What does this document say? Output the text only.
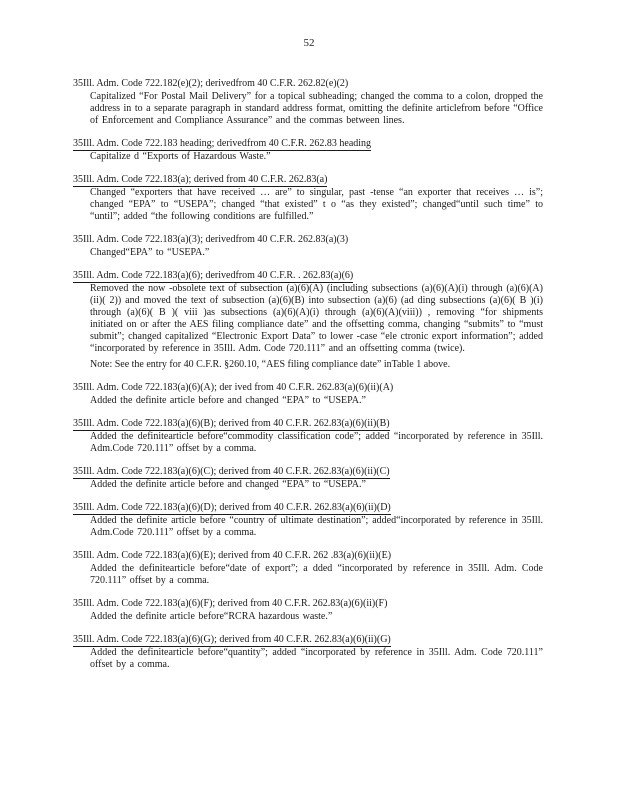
52
35Ill. Adm. Code 722.182(e)(2); derivedfrom 40 C.F.R. 262.82(e)(2)
Capitalized “For Postal Mail Delivery” for a topical subheading; changed the comma to a colon, dropped the address in to a separate paragraph in standard address format, omitting the definite articlefrom before “Office of Enforcement and Compliance Assurance” and the commas between lines.
35Ill. Adm. Code 722.183 heading; derivedfrom 40 C.F.R. 262.83 heading
Capitalize d “Exports of Hazardous Waste.”
35Ill. Adm. Code 722.183(a); derived from 40 C.F.R. 262.83(a)
Changed “exporters that have received … are” to singular, past -tense “an exporter that receives … is”; changed “EPA” to “USEPA”; changed “that existed” t o “as they existed”; changed“until such time” to “until”; added “the following conditions are fulfilled.”
35Ill. Adm. Code 722.183(a)(3); derivedfrom 40 C.F.R. 262.83(a)(3)
Changed“EPA” to “USEPA.”
35Ill. Adm. Code 722.183(a)(6); derivedfrom 40 C.F.R. . 262.83(a)(6)
Removed the now -obsolete text of subsection (a)(6)(A) (including subsections (a)(6)(A)(i) through (a)(6)(A)(ii)( 2)) and moved the text of subsection (a)(6)(B) into subsection (a)(6) (ad ding subsections (a)(6)( B )(i) through (a)(6)( B )( viii )as subsections (a)(6)(A)(i) through (a)(6)(A)(viii)) , removing “for shipments initiated on or after the AES filing compliance date” and the offsetting comma, changing “submits” to “must submit”; changed capitalized “Electronic Export Data” to lower -case “ele ctronic export information”; added “incorporated by reference in 35Ill. Adm. Code 720.111” and an offsetting comma (twice).
Note: See the entry for 40 C.F.R. §260.10, “AES filing compliance date” inTable 1 above.
35Ill. Adm. Code 722.183(a)(6)(A); der ived from 40 C.F.R. 262.83(a)(6)(ii)(A)
Added the definite article before and changed “EPA” to “USEPA.”
35Ill. Adm. Code 722.183(a)(6)(B); derived from 40 C.F.R. 262.83(a)(6)(ii)(B)
Added the definitearticle before“commodity classification code”; added “incorporated by reference in 35Ill. Adm.Code 720.111” offset by a comma.
35Ill. Adm. Code 722.183(a)(6)(C); derived from 40 C.F.R. 262.83(a)(6)(ii)(C)
Added the definite article before and changed “EPA” to “USEPA.”
35Ill. Adm. Code 722.183(a)(6)(D); derived from 40 C.F.R. 262.83(a)(6)(ii)(D)
Added the definite article before “country of ultimate destination”; added“incorporated by reference in 35Ill. Adm.Code 720.111” offset by a comma.
35Ill. Adm. Code 722.183(a)(6)(E); derived from 40 C.F.R. 262 .83(a)(6)(ii)(E)
Added the definitearticle before“date of export”; a dded “incorporated by reference in 35Ill. Adm. Code 720.111” offset by a comma.
35Ill. Adm. Code 722.183(a)(6)(F); derived from 40 C.F.R. 262.83(a)(6)(ii)(F)
Added the definite article before“RCRA hazardous waste.”
35Ill. Adm. Code 722.183(a)(6)(G); derived from 40 C.F.R. 262.83(a)(6)(ii)(G)
Added the definitearticle before“quantity”; added “incorporated by reference in 35Ill. Adm. Code 720.111” offset by a comma.
